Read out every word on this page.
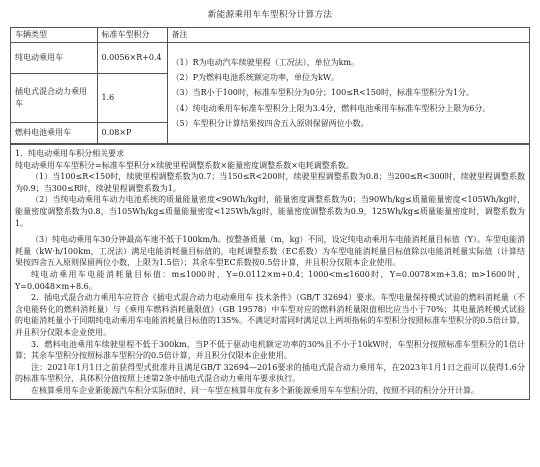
新能源乘用车车型积分计算方法
车辆类型	标准车型积分	备注
纯电动乘用车	0.0056×R+0.4	（1）R为电动汽车续驶里程（工况法），单位为km。
（2）P为燃料电池系统额定功率，单位为kW。
（3）当R小于100时，标准车型积分为0分；100≤R<150时，标准车型积分为1分。
（4）纯电动乘用车标准车型积分上限为3.4分，燃料电池乘用车标准车型积分上限为6分。
（5）车型积分计算结果按四舍五入原则保留两位小数。

插电式混合动力乘用车	1.6	
燃料电池乘用车	0.08×P	

1．纯电动乘用车积分相关要求

纯电动乘用车车型积分=标准车型积分×续驶里程调整系数×能量密度调整系数×电耗调整系数。

（1）当100≤R<150时，续驶里程调整系数为0.7；当150≤R<200时，续驶里程调整系数为0.8；当200≤R<300时，续驶里程调整系数为0.9；当300≤R时，续驶里程调整系数为1。

（2）当纯电动乘用车动力电池系统的质量能量密度<90Wh/kg时，能量密度调整系数为0；当90Wh/kg≤质量能量密度<105Wh/kg时，能量密度调整系数为0.8，当105Wh/kg≤质量能量密度<125Wh/kg时，能量密度调整系数为0.9，125Wh/kg≤质量能量密度时，调整系数为1。

（3）纯电动乘用车30分钟最高车速不低于100km/h。按整备质量（m，kg）不同，设定纯电动乘用车电能消耗量目标值（Y）。车型电能消耗量（kW·h/100km，工况法）满足电能消耗量目标值的，电耗调整系数（EC系数）为车型电能消耗量目标值除以电能消耗量实际值（计算结果按四舍五入原则保留两位小数，上限为1.5倍）；其余车型EC系数按0.5倍计算，并且积分仅限本企业使用。

纯电动乘用车电能消耗量目标值：m≤1000时，Y=0.0112×m+0.4；1000<m≤1600时，Y=0.0078×m+3.8；m>1600时，Y=0.0048×m+8.6。

2．插电式混合动力乘用车应符合《插电式混合动力电动乘用车 技术条件》（GB/T 32694）要求。车型电量保持模式试验的燃料消耗量（不含电能转化的燃料消耗量）与《乘用车燃料消耗量限值》（GB 19578）中车型对应的燃料消耗量限值相比应当小于70%；其电量消耗模式试验的电能消耗量小于同期纯电动乘用车电能消耗量目标值的135%。不满足时需同时满足以上两项指标的车型积分按照标准车型积分的0.5倍计算，并且积分仅限本企业使用。

3．燃料电池乘用车续驶里程不低于300km，当P不低于驱动电机额定功率的30%且不小于10kW时，车型积分按照标准车型积分的1倍计算；其余车型积分按照标准车型积分的0.5倍计算，并且积分仅限本企业使用。

注：2021年1月1日之前获得型式批准并且满足GB/T 32694—2016要求的插电式混合动力乘用车，在2023年1月1日之前可以获得1.6分的标准车型积分，具体积分值按照上述第2条中插电式混合动力乘用车要求执行。

在核算乘用车企业新能源汽车积分实际值时，同一车型在核算年度有多个新能源乘用车车型积分的，按照不同的积分分开计算。
